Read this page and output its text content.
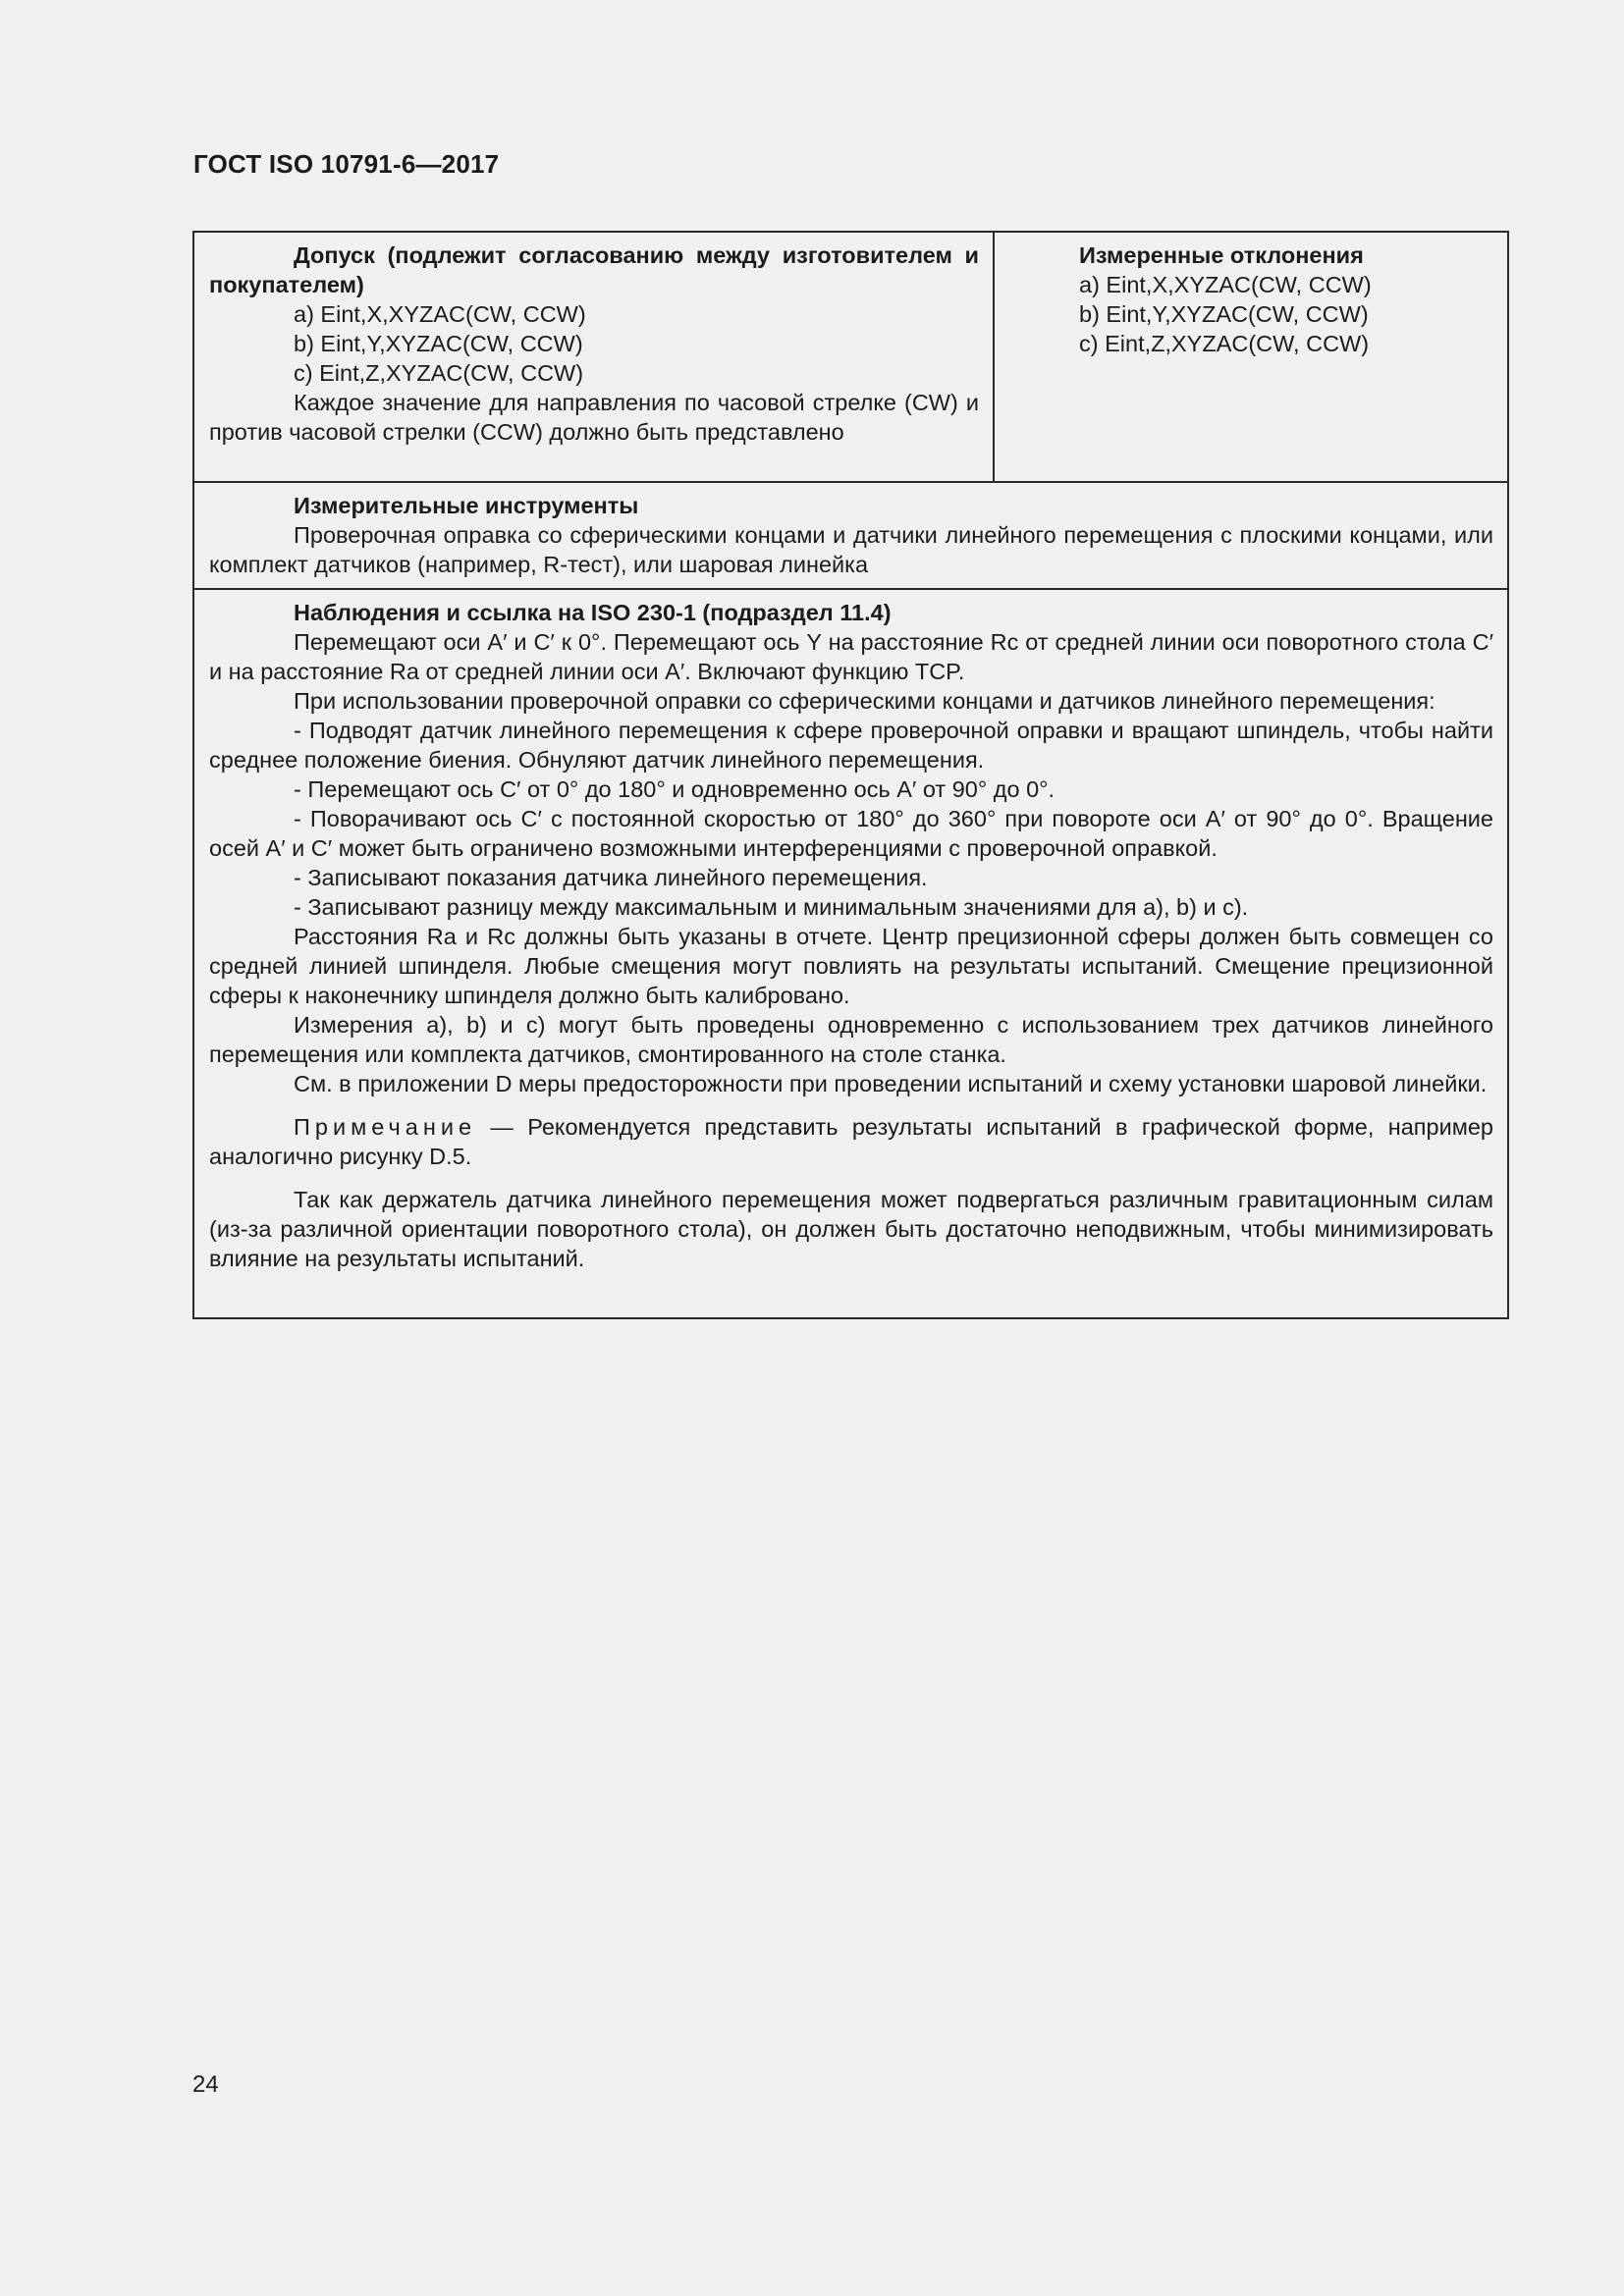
ГОСТ ISO 10791-6—2017

Допуск (подлежит согласованию между изготовителем и покупателем)

a) Eint,X,XYZAC(CW, CCW)

b) Eint,Y,XYZAC(CW, CCW)

c) Eint,Z,XYZAC(CW, CCW)

Каждое значение для направления по часовой стрелке (CW) и против часовой стрелки (CCW) должно быть представлено

Измеренные отклонения

a) Eint,X,XYZAC(CW, CCW)

b) Eint,Y,XYZAC(CW, CCW)

c) Eint,Z,XYZAC(CW, CCW)

Измерительные инструменты

Проверочная оправка со сферическими концами и датчики линейного перемещения с плоскими концами, или комплект датчиков (например, R-тест), или шаровая линейка

Наблюдения и ссылка на ISO 230-1 (подраздел 11.4)

Перемещают оси A′ и C′ к 0°. Перемещают ось Y на расстояние Rc от средней линии оси поворотного стола C′ и на расстояние Ra от средней линии оси A′. Включают функцию TCP.

При использовании проверочной оправки со сферическими концами и датчиков линейного перемещения:

- Подводят датчик линейного перемещения к сфере проверочной оправки и вращают шпиндель, чтобы найти среднее положение биения. Обнуляют датчик линейного перемещения.

- Перемещают ось C′ от 0° до 180° и одновременно ось A′ от 90° до 0°.

- Поворачивают ось C′ с постоянной скоростью от 180° до 360° при повороте оси A′ от 90° до 0°. Вращение осей A′ и C′ может быть ограничено возможными интерференциями с проверочной оправкой.

- Записывают показания датчика линейного перемещения.

- Записывают разницу между максимальным и минимальным значениями для a), b) и c).

Расстояния Ra и Rc должны быть указаны в отчете. Центр прецизионной сферы должен быть совмещен со средней линией шпинделя. Любые смещения могут повлиять на результаты испытаний. Смещение прецизионной сферы к наконечнику шпинделя должно быть калибровано.

Измерения a), b) и c) могут быть проведены одновременно с использованием трех датчиков линейного перемещения или комплекта датчиков, смонтированного на столе станка.

См. в приложении D меры предосторожности при проведении испытаний и схему установки шаровой линейки.

Примечание — Рекомендуется представить результаты испытаний в графической форме, например аналогично рисунку D.5.

Так как держатель датчика линейного перемещения может подвергаться различным гравитационным силам (из-за различной ориентации поворотного стола), он должен быть достаточно неподвижным, чтобы минимизировать влияние на результаты испытаний.

24
